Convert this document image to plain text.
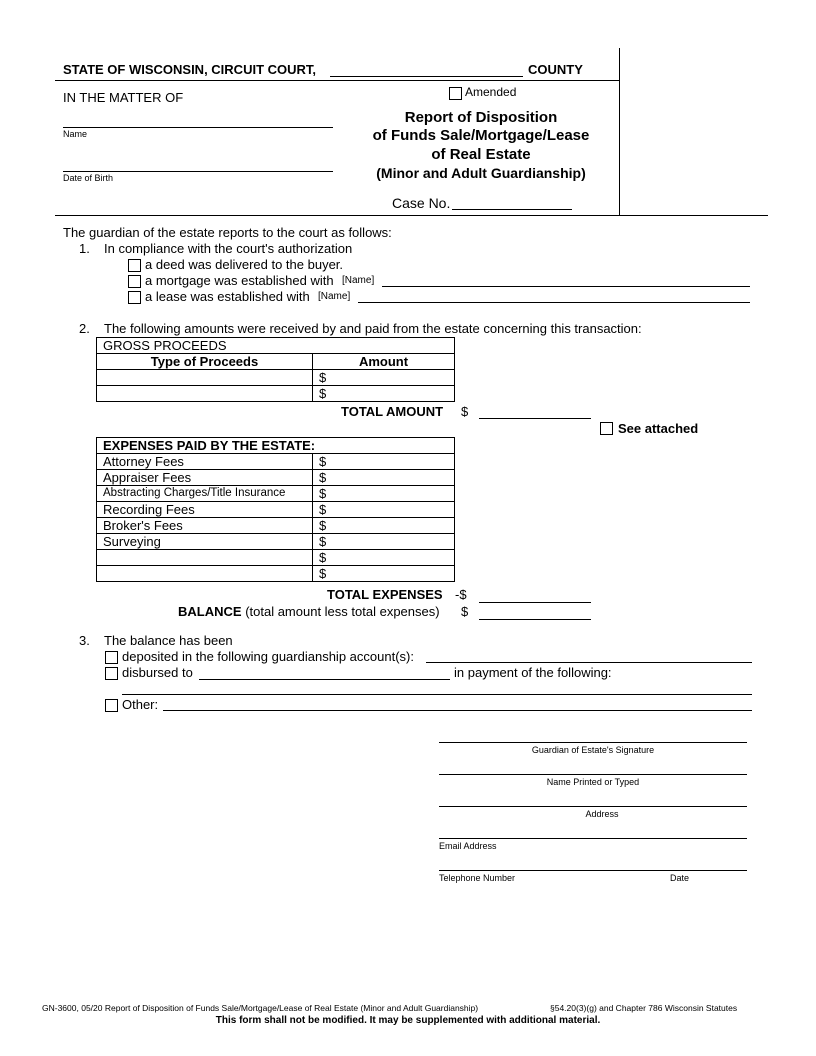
STATE OF WISCONSIN, CIRCUIT COURT,	COUNTY
IN THE MATTER OF
Name
Date of Birth
Amended
Report of Disposition
of Funds Sale/Mortgage/Lease
of Real Estate
(Minor and Adult Guardianship)
Case No.
The guardian of the estate reports to the court as follows:
1. In compliance with the court's authorization
a deed was delivered to the buyer.
a mortgage was established with [Name]
a lease was established with [Name]
2. The following amounts were received by and paid from the estate concerning this transaction:
GROSS PROCEEDS	
Type of Proceeds	Amount
	$
	$
TOTAL AMOUNT $
See attached
EXPENSES PAID BY THE ESTATE:	
Attorney Fees	$
Appraiser Fees	$
Abstracting Charges/Title Insurance	$
Recording Fees	$
Broker's Fees	$
Surveying	$
	$
	$
TOTAL EXPENSES -$
BALANCE (total amount less total expenses) $
3. The balance has been
deposited in the following guardianship account(s):
disbursed to	in payment of the following:
Other:
Guardian of Estate's Signature
Name Printed or Typed
Address
Email Address
Telephone Number	Date
GN-3600, 05/20 Report of Disposition of Funds Sale/Mortgage/Lease of Real Estate (Minor and Adult Guardianship)	§54.20(3)(g) and Chapter 786 Wisconsin Statutes
This form shall not be modified. It may be supplemented with additional material.
